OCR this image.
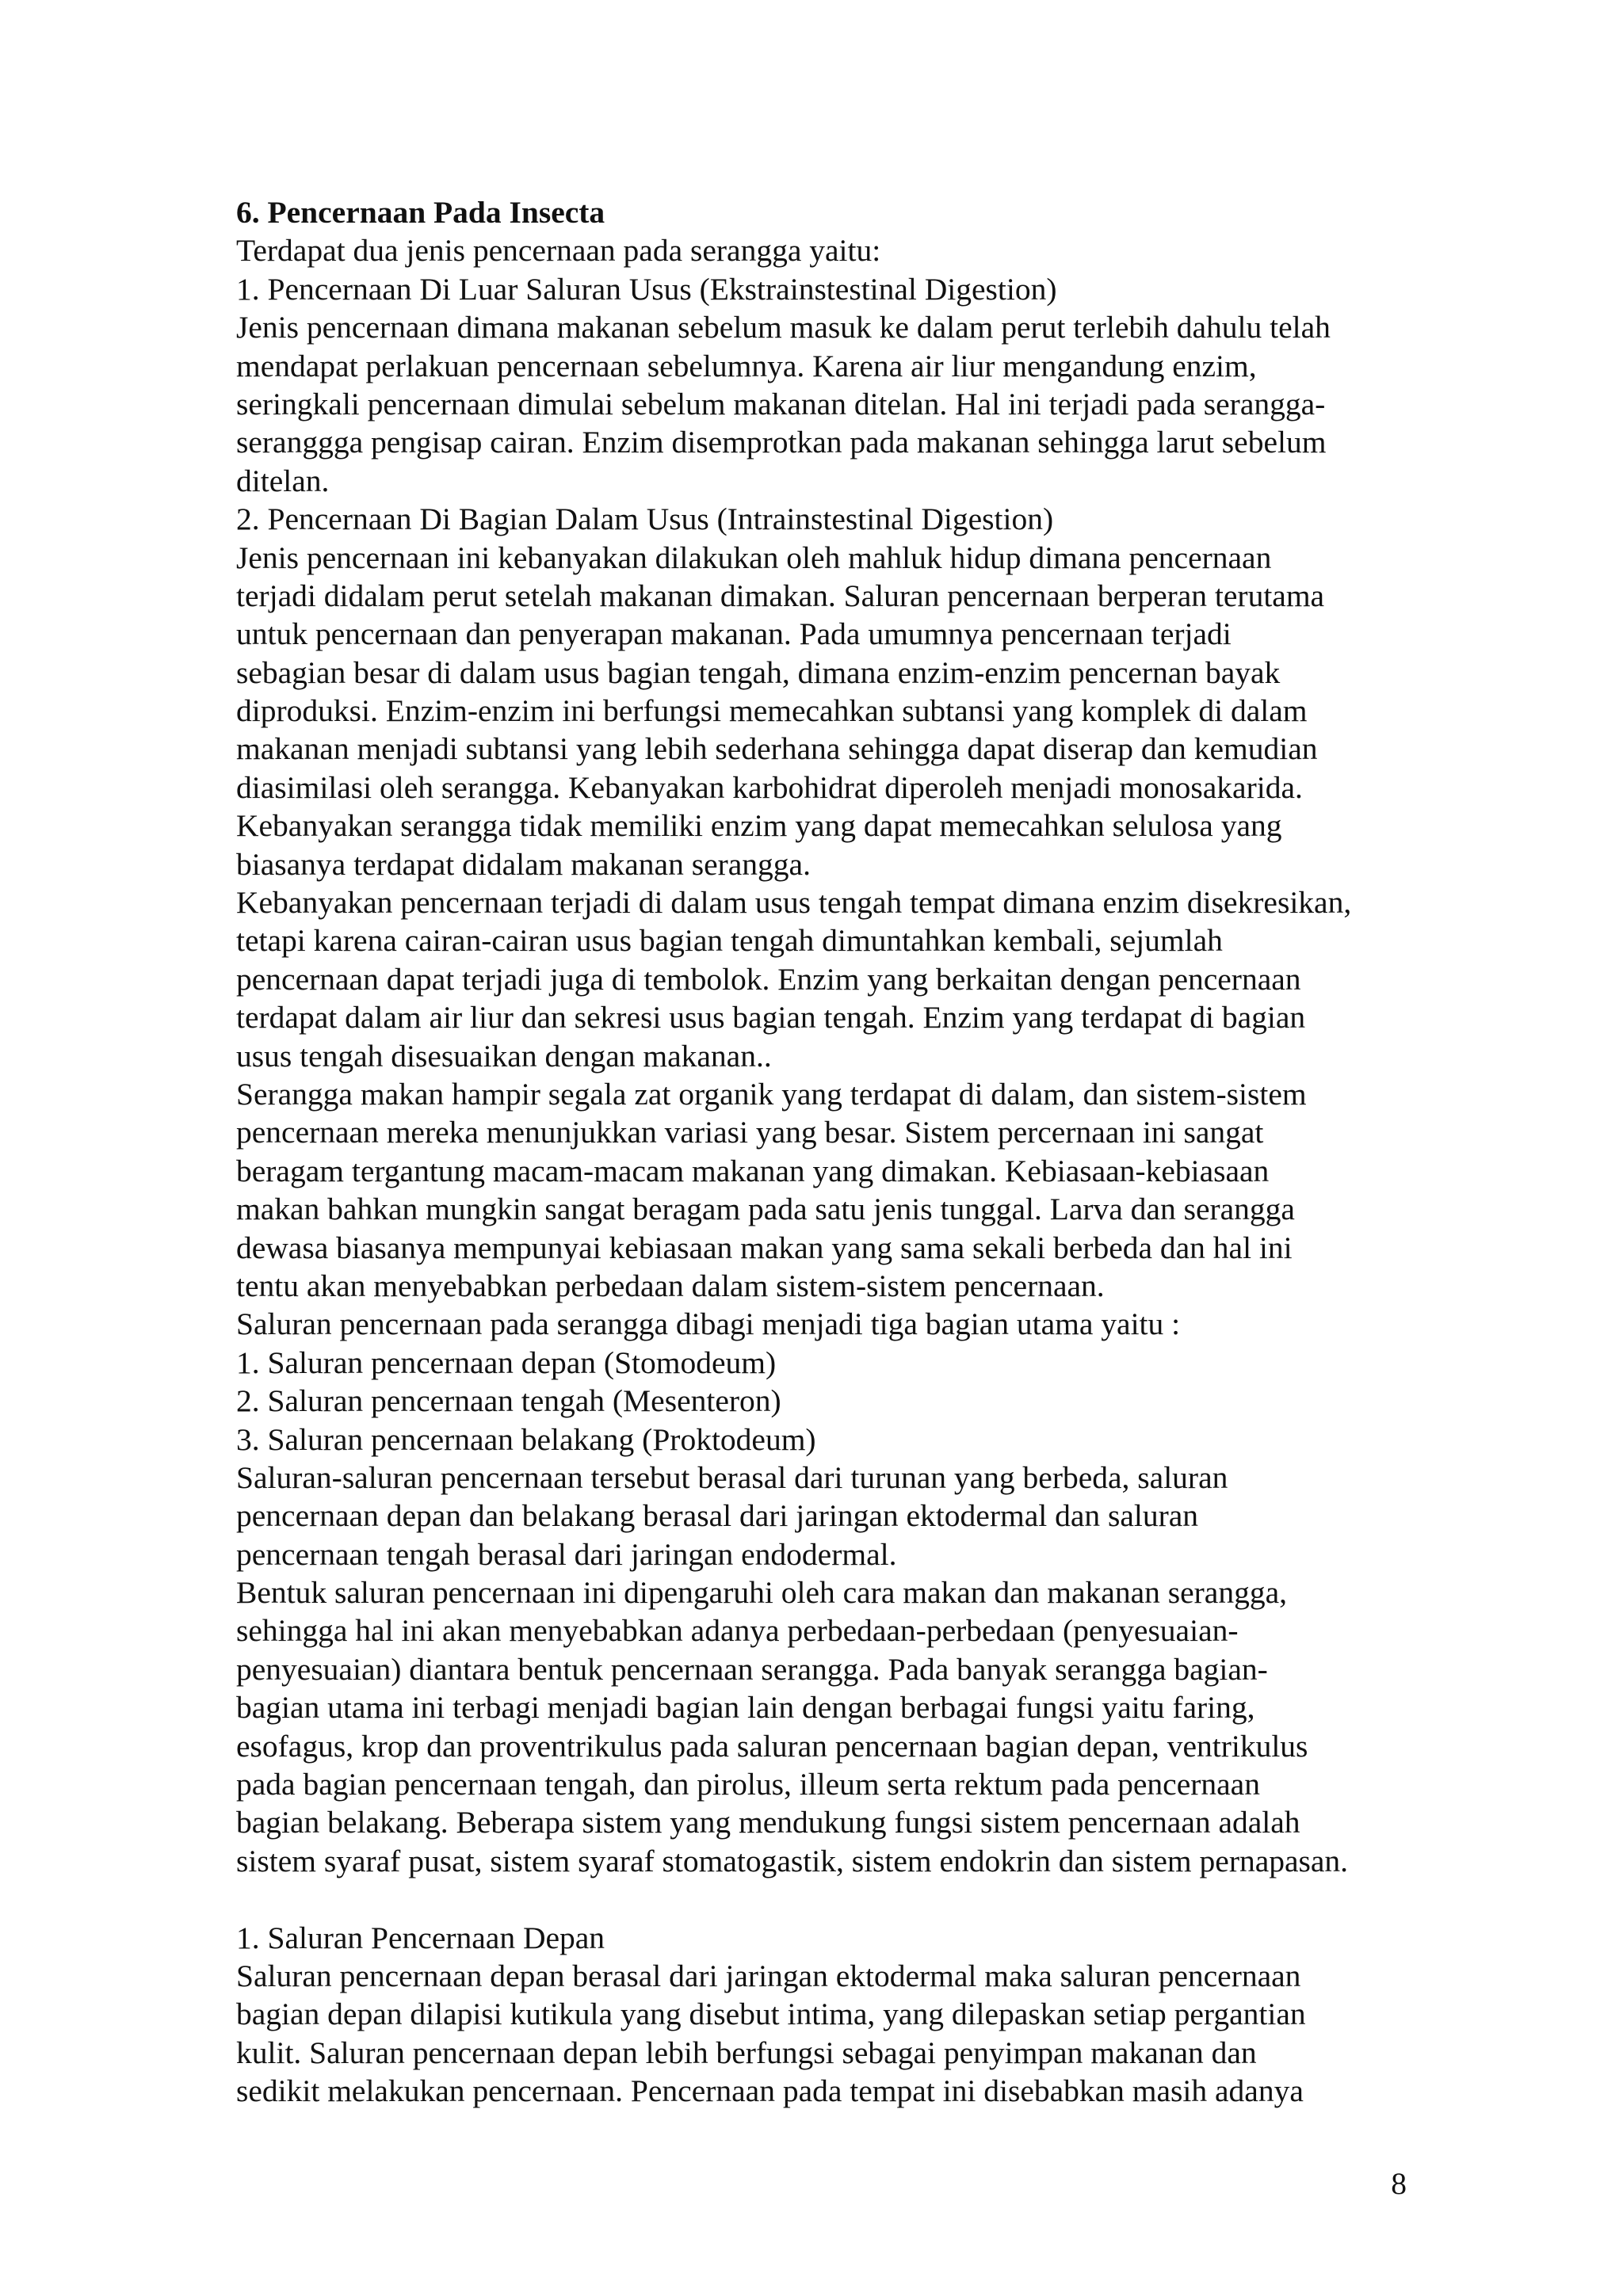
6. Pencernaan Pada Insecta
Terdapat dua jenis pencernaan pada serangga yaitu:
1. Pencernaan Di Luar Saluran Usus (Ekstrainstestinal Digestion)
Jenis pencernaan dimana makanan sebelum masuk ke dalam perut terlebih dahulu telah
mendapat perlakuan pencernaan sebelumnya. Karena air liur mengandung enzim,
seringkali pencernaan dimulai sebelum makanan ditelan. Hal ini terjadi pada serangga-
seranggga pengisap cairan. Enzim disemprotkan pada makanan sehingga larut sebelum
ditelan.
2. Pencernaan Di Bagian Dalam Usus (Intrainstestinal Digestion)
Jenis pencernaan ini kebanyakan dilakukan oleh mahluk hidup dimana pencernaan
terjadi didalam perut setelah makanan dimakan. Saluran pencernaan berperan terutama
untuk pencernaan dan penyerapan makanan. Pada umumnya pencernaan terjadi
sebagian besar di dalam usus bagian tengah, dimana enzim-enzim pencernan bayak
diproduksi. Enzim-enzim ini berfungsi memecahkan subtansi yang komplek di dalam
makanan menjadi subtansi yang lebih sederhana sehingga dapat diserap dan kemudian
diasimilasi oleh serangga. Kebanyakan karbohidrat diperoleh menjadi monosakarida.
Kebanyakan serangga tidak memiliki enzim yang dapat memecahkan selulosa yang
biasanya terdapat didalam makanan serangga.
Kebanyakan pencernaan terjadi di dalam usus tengah tempat dimana enzim disekresikan,
tetapi karena cairan-cairan usus bagian tengah dimuntahkan kembali, sejumlah
pencernaan dapat terjadi juga di tembolok. Enzim yang berkaitan dengan pencernaan
terdapat dalam air liur dan sekresi usus bagian tengah. Enzim yang terdapat di bagian
usus tengah disesuaikan dengan makanan..
Serangga makan hampir segala zat organik yang terdapat di dalam, dan sistem-sistem
pencernaan mereka menunjukkan variasi yang besar. Sistem percernaan ini sangat
beragam tergantung macam-macam makanan yang dimakan. Kebiasaan-kebiasaan
makan bahkan mungkin sangat beragam pada satu jenis tunggal. Larva dan serangga
dewasa biasanya mempunyai kebiasaan makan yang sama sekali berbeda dan hal ini
tentu akan menyebabkan perbedaan dalam sistem-sistem pencernaan.
Saluran pencernaan pada serangga dibagi menjadi tiga bagian utama yaitu :
1. Saluran pencernaan depan (Stomodeum)
2. Saluran pencernaan tengah (Mesenteron)
3. Saluran pencernaan belakang (Proktodeum)
Saluran-saluran pencernaan tersebut berasal dari turunan yang berbeda, saluran
pencernaan depan dan belakang berasal dari jaringan ektodermal dan saluran
pencernaan tengah berasal dari jaringan endodermal.
Bentuk saluran pencernaan ini dipengaruhi oleh cara makan dan makanan serangga,
sehingga hal ini akan menyebabkan adanya perbedaan-perbedaan (penyesuaian-
penyesuaian) diantara bentuk pencernaan serangga. Pada banyak serangga bagian-
bagian utama ini terbagi menjadi bagian lain dengan berbagai fungsi yaitu faring,
esofagus, krop dan proventrikulus pada saluran pencernaan bagian depan, ventrikulus
pada bagian pencernaan tengah, dan pirolus, illeum serta rektum pada pencernaan
bagian belakang. Beberapa sistem yang mendukung fungsi sistem pencernaan adalah
sistem syaraf pusat, sistem syaraf stomatogastik, sistem endokrin dan sistem pernapasan.
1. Saluran Pencernaan Depan
Saluran pencernaan depan berasal dari jaringan ektodermal maka saluran pencernaan
bagian depan dilapisi kutikula yang disebut intima, yang dilepaskan setiap pergantian
kulit. Saluran pencernaan depan lebih berfungsi sebagai penyimpan makanan dan
sedikit melakukan pencernaan. Pencernaan pada tempat ini disebabkan masih adanya
8
